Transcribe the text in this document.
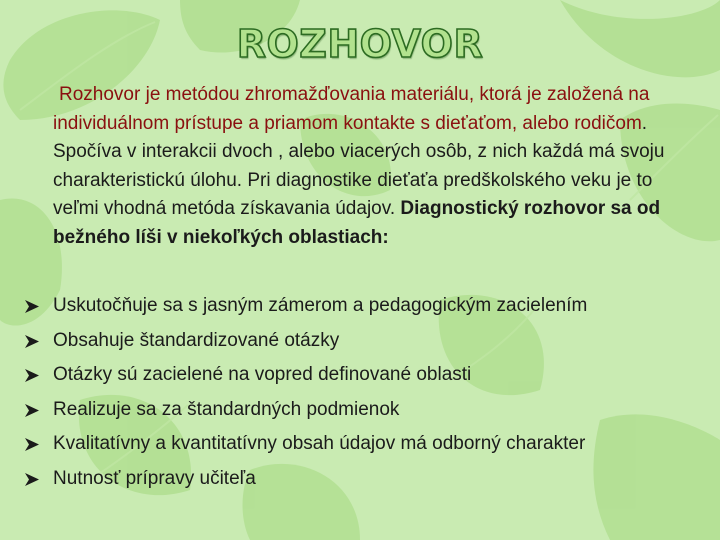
ROZHOVOR
Rozhovor je metódou zhromažďovania materiálu, ktorá je založená na individuálnom prístupe a priamom kontakte s dieťaťom, alebo rodičom. Spočíva v interakcii dvoch , alebo viacerých osôb, z nich každá má svoju charakteristickú úlohu. Pri diagnostike dieťaťa predškolského veku je to veľmi vhodná metóda získavania údajov. Diagnostický rozhovor sa od bežného líši v niekoľkých oblastiach:
Uskutočňuje sa s jasným zámerom a pedagogickým zacielením
Obsahuje štandardizované otázky
Otázky sú zacielené na vopred definované oblasti
Realizuje sa za štandardných podmienok
Kvalitatívny a kvantitatívny obsah údajov má odborný charakter
Nutnosť prípravy učiteľa
